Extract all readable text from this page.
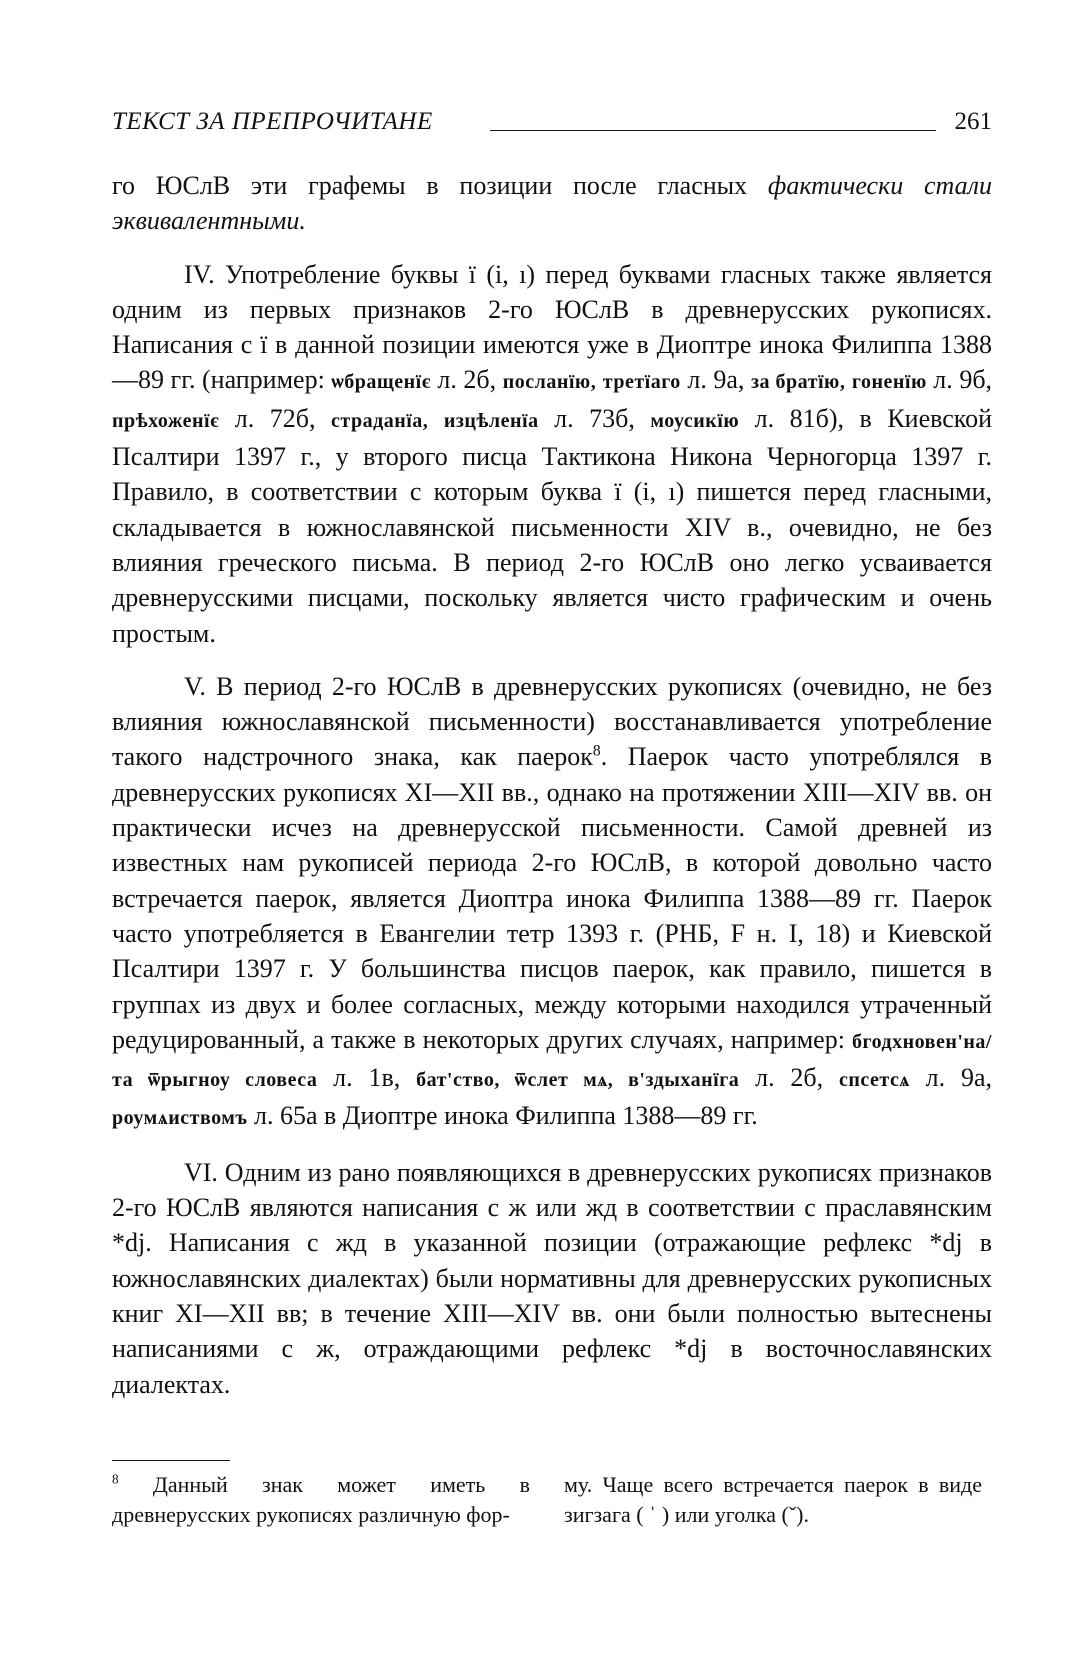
ТЕКСТ ЗА ПРЕПРОЧИТАНЕ	261

го ЮСлВ эти графемы в позиции после гласных фактически стали эквивалентными.

IV. Употребление буквы ї (i, ı) перед буквами гласных также является одним из первых признаков 2-го ЮСлВ в древнерусских рукописях. Написания с ї в данной позиции имеются уже в Диоптре инока Филиппа 1388—89 гг. (например: ѡбращенїє л. 2б, посланїю, третїаго л. 9а, за братїю, гоненїю л. 9б, прѣхоженїє л. 72б, страданїа, изцѣленїа л. 73б, моусикїю л. 81б), в Киевской Псалтири 1397 г., у второго писца Тактикона Никона Черногорца 1397 г. Правило, в соответствии с которым буква ї (i, ı) пишется перед гласными, складывается в южнославянской письменности XIV в., очевидно, не без влияния греческого письма. В период 2-го ЮСлВ оно легко усваивается древнерусскими писцами, поскольку является чисто графическим и очень простым.

V. В период 2-го ЮСлВ в древнерусских рукописях (очевидно, не без влияния южнославянской письменности) восстанавливается употребление такого надстрочного знака, как паерок$^8$. Паерок часто употреблялся в древнерусских рукописях XI—XII вв., однако на протяжении XIII—XIV вв. он практически исчез на древнерусской письменности. Самой древней из известных нам рукописей периода 2-го ЮСлВ, в которой довольно часто встречается паерок, является Диоптра инока Филиппа 1388—89 гг. Паерок часто употребляется в Евангелии тетр 1393 г. (РНБ, F н. I, 18) и Киевской Псалтири 1397 г. У большинства писцов паерок, как правило, пишется в группах из двух и более согласных, между которыми находился утраченный редуцированный, а также в некоторых других случаях, например: бгодхновен'на/ та ѿрыгноу словеса л. 1в, бат'ство, ѿслет мѧ, в'здыханїга л. 2б, спсетсѧ л. 9а, роумѧиствомъ л. 65а в Диоптре инока Филиппа 1388—89 гг.

VI. Одним из рано появляющихся в древнерусских рукописях признаков 2-го ЮСлВ являются написания с ж или жд в соответствии с праславянским *dj. Написания с жд в указанной позиции (отражающие рефлекс *dj в южнославянских диалектах) были нормативны для древнерусских рукописных книг XI—XII вв; в течение XIII—XIV вв. они были полностью вытеснены написаниями с ж, отраждающими рефлекс *dj в восточнославянских диалектах.

$^8$ Данный знак может иметь в древнерусских рукописях различную фор-

му. Чаще всего встречается паерок в виде зигзага ( ˈ ) или уголка (ˇ).
